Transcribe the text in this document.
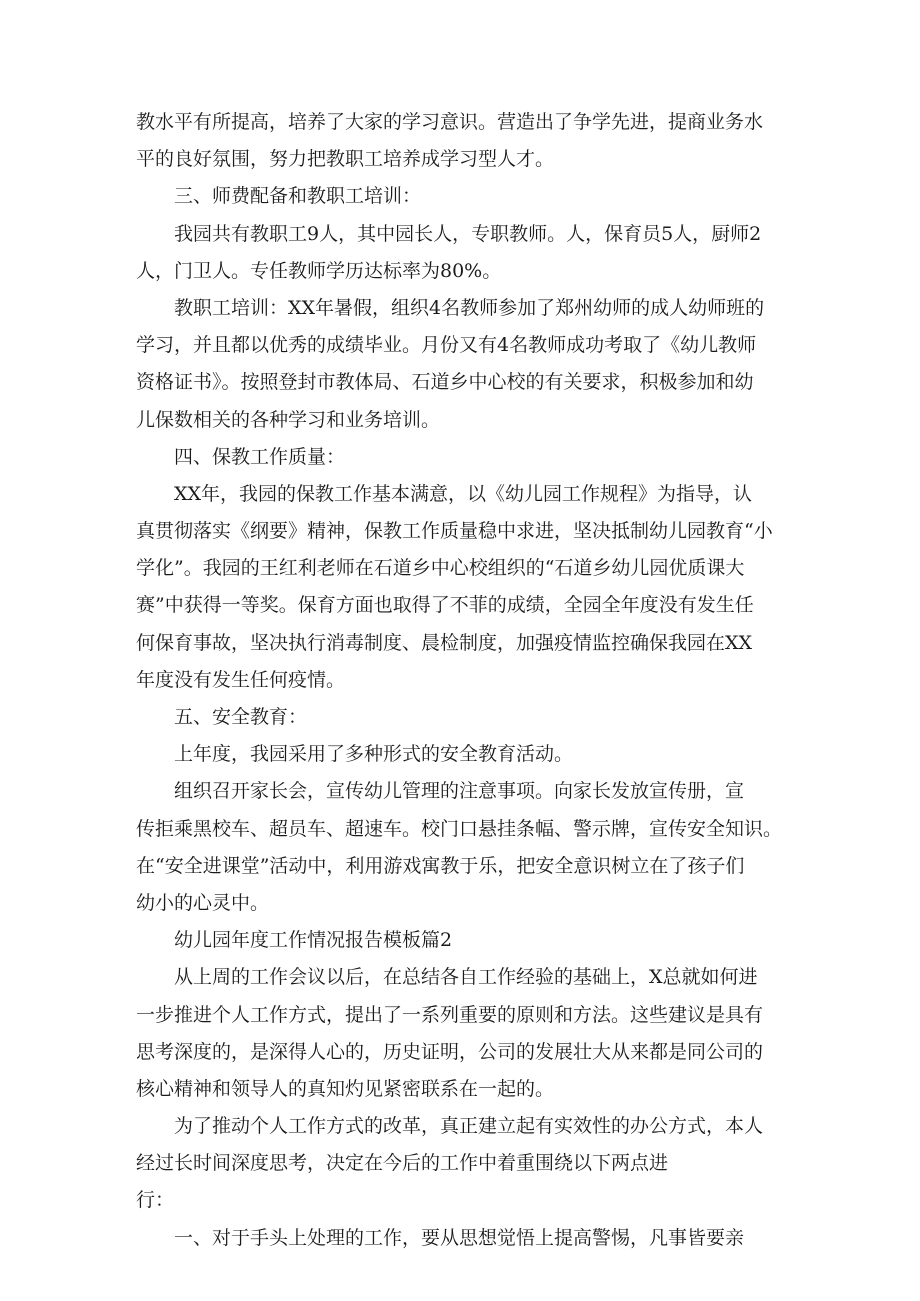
教水平有所提高，培养了大家的学习意识。营造出了争学先进，提商业务水
平的良好氛围，努力把教职工培养成学习型人才。
三、师费配备和教职工培训：
我园共有教职工9人，其中园长人，专职教师。人，保育员5人，厨师2
人，门卫人。专任教师学历达标率为80%。
教职工培训：XX年暑假，组织4名教师参加了郑州幼师的成人幼师班的
学习，并且都以优秀的成绩毕业。月份又有4名教师成功考取了《幼儿教师
资格证书》。按照登封市教体局、石道乡中心校的有关要求，积极参加和幼
儿保数相关的各种学习和业务培训。
四、保教工作质量：
XX年，我园的保教工作基本满意，以《幼儿园工作规程》为指导，认
真贯彻落实《纲要》精神，保教工作质量稳中求进，坚决抵制幼儿园教育“小
学化”。我园的王红利老师在石道乡中心校组织的“石道乡幼儿园优质课大
赛”中获得一等奖。保育方面也取得了不菲的成绩，全园全年度没有发生任
何保育事故，坚决执行消毒制度、晨检制度，加强疫情监控确保我园在XX
年度没有发生任何疫情。
五、安全教育：
上年度，我园采用了多种形式的安全教育活动。
组织召开家长会，宣传幼儿管理的注意事项。向家长发放宣传册，宣
传拒乘黑校车、超员车、超速车。校门口悬挂条幅、警示牌，宣传安全知识。
在“安全进课堂”活动中，利用游戏寓教于乐，把安全意识树立在了孩子们
幼小的心灵中。
幼儿园年度工作情况报告模板篇2
从上周的工作会议以后，在总结各自工作经验的基础上，X总就如何进
一步推进个人工作方式，提出了一系列重要的原则和方法。这些建议是具有
思考深度的，是深得人心的，历史证明，公司的发展壮大从来都是同公司的
核心精神和领导人的真知灼见紧密联系在一起的。
为了推动个人工作方式的改革，真正建立起有实效性的办公方式，本人
经过长时间深度思考，决定在今后的工作中着重围绕以下两点进
行：
一、对于手头上处理的工作，要从思想觉悟上提高警惕，凡事皆要亲
